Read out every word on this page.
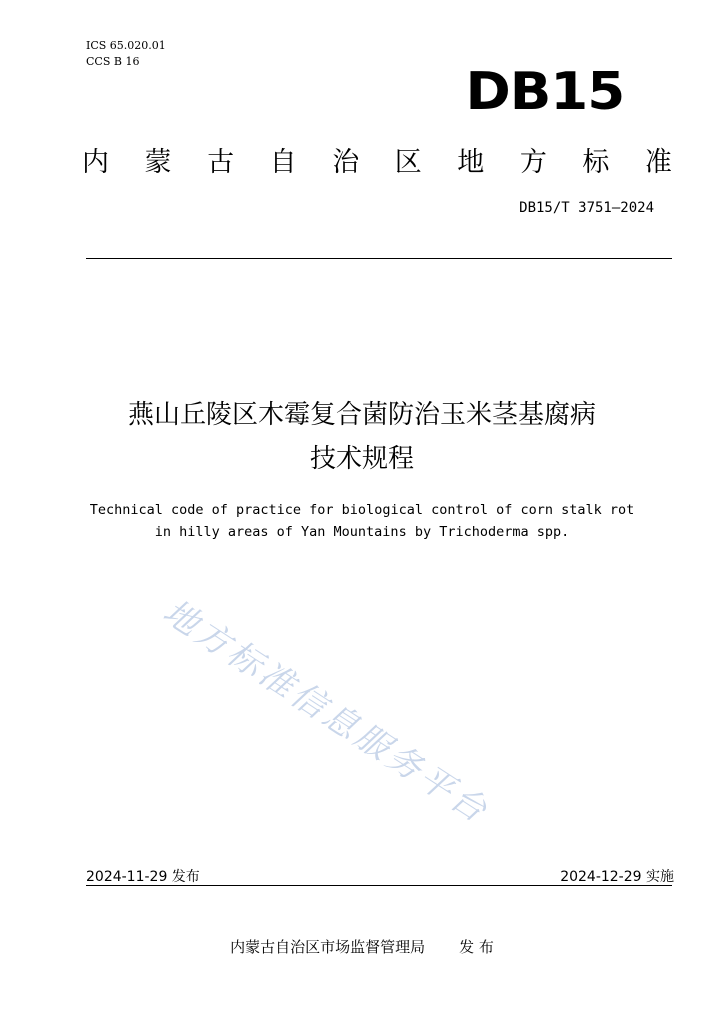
ICS 65.020.01
CCS B 16
DB15
内 蒙 古 自 治 区 地 方 标 准
DB15/T 3751—2024
燕山丘陵区木霉复合菌防治玉米茎基腐病
技术规程
Technical code of practice for biological control of corn stalk rot
in hilly areas of Yan Mountains by Trichoderma spp.
地方标准信息服务平台
2024-11-29 发布	2024-12-29 实施
内蒙古自治区市场监督管理局 发 布
